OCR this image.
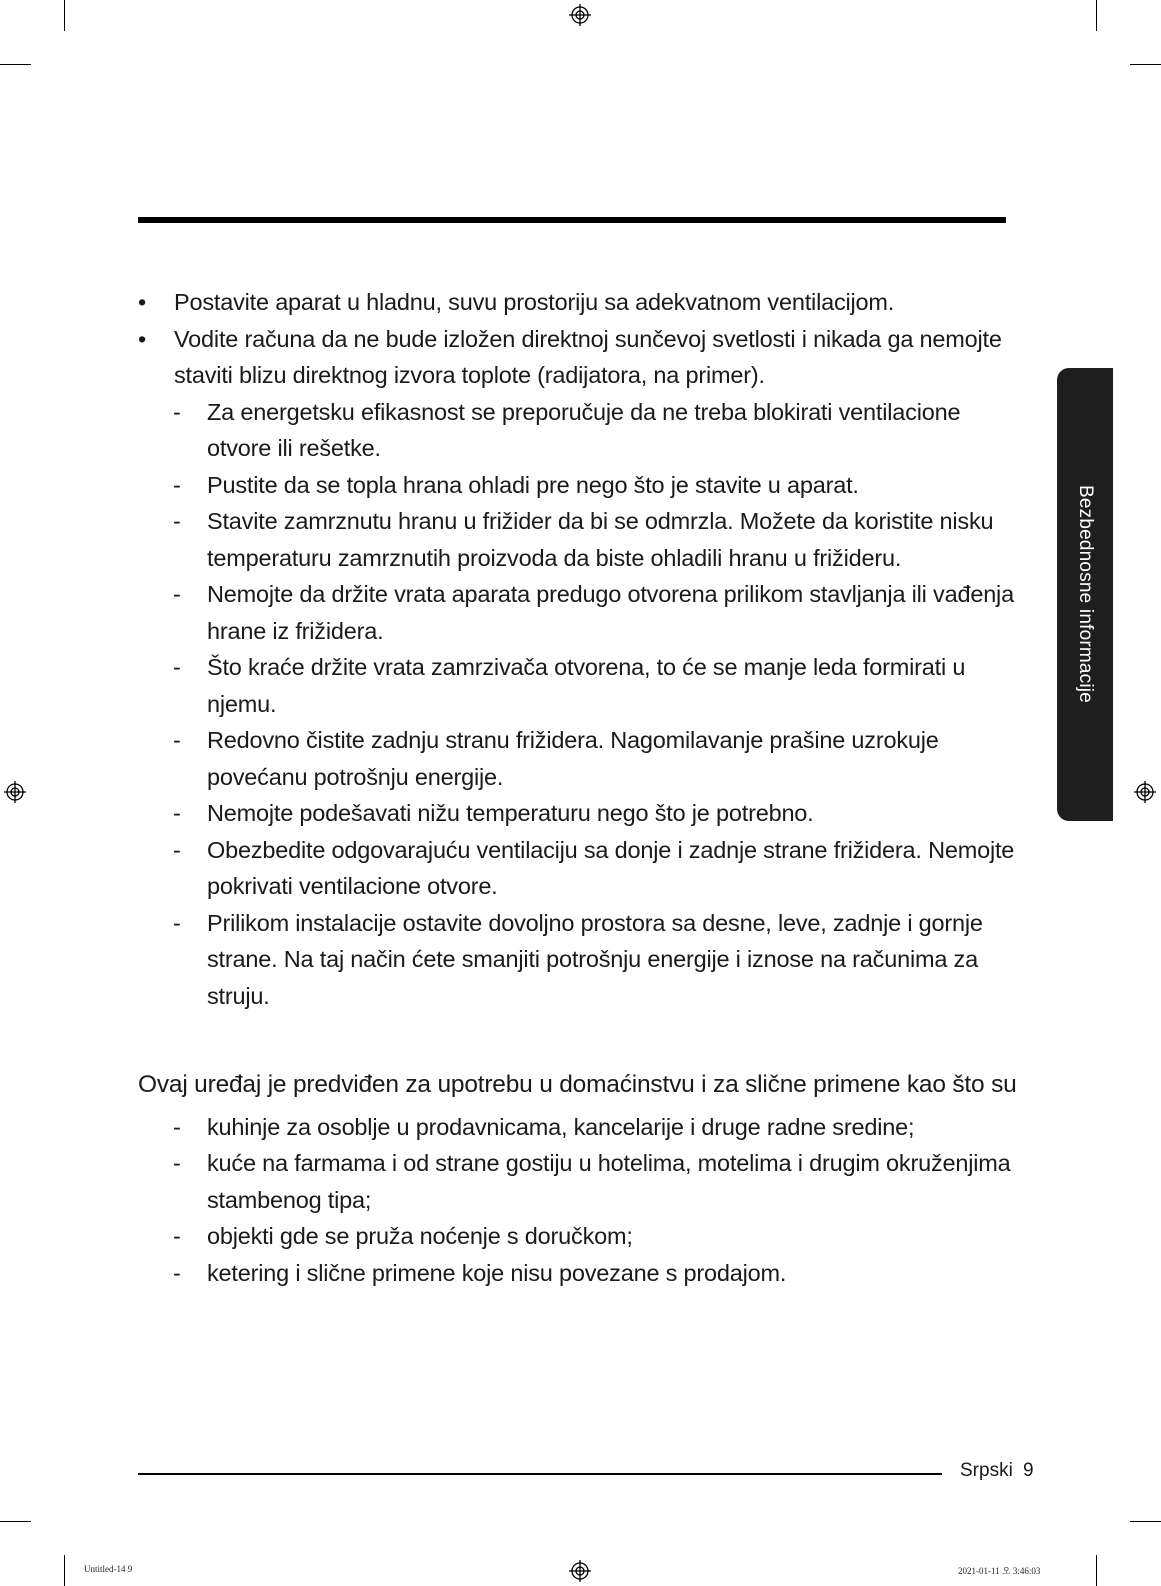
• Postavite aparat u hladnu, suvu prostoriju sa adekvatnom ventilacijom.
• Vodite računa da ne bude izložen direktnoj sunčevoj svetlosti i nikada ga nemojte staviti blizu direktnog izvora toplote (radijatora, na primer).
- Za energetsku efikasnost se preporučuje da ne treba blokirati ventilacione otvore ili rešetke.
- Pustite da se topla hrana ohladi pre nego što je stavite u aparat.
- Stavite zamrznutu hranu u frižider da bi se odmrzla. Možete da koristite nisku temperaturu zamrznutih proizvoda da biste ohladili hranu u frižideru.
- Nemojte da držite vrata aparata predugo otvorena prilikom stavljanja ili vađenja hrane iz frižidera.
- Što kraće držite vrata zamrzivača otvorena, to će se manje leda formirati u njemu.
- Redovno čistite zadnju stranu frižidera. Nagomilavanje prašine uzrokuje povećanu potrošnju energije.
- Nemojte podešavati nižu temperaturu nego što je potrebno.
- Obezbedite odgovarajuću ventilaciju sa donje i zadnje strane frižidera. Nemojte pokrivati ventilacione otvore.
- Prilikom instalacije ostavite dovoljno prostora sa desne, leve, zadnje i gornje strane. Na taj način ćete smanjiti potrošnju energije i iznose na računima za struju.
Ovaj uređaj je predviđen za upotrebu u domaćinstvu i za slične primene kao što su
- kuhinje za osoblje u prodavnicama, kancelarije i druge radne sredine;
- kuće na farmama i od strane gostiju u hotelima, motelima i drugim okruženjima stambenog tipa;
- objekti gde se pruža noćenje s doručkom;
- ketering i slične primene koje nisu povezane s prodajom.
Bezbednosne informacije
Srpski 9
Untitled-14 9	2021-01-11 오 3:46:03
